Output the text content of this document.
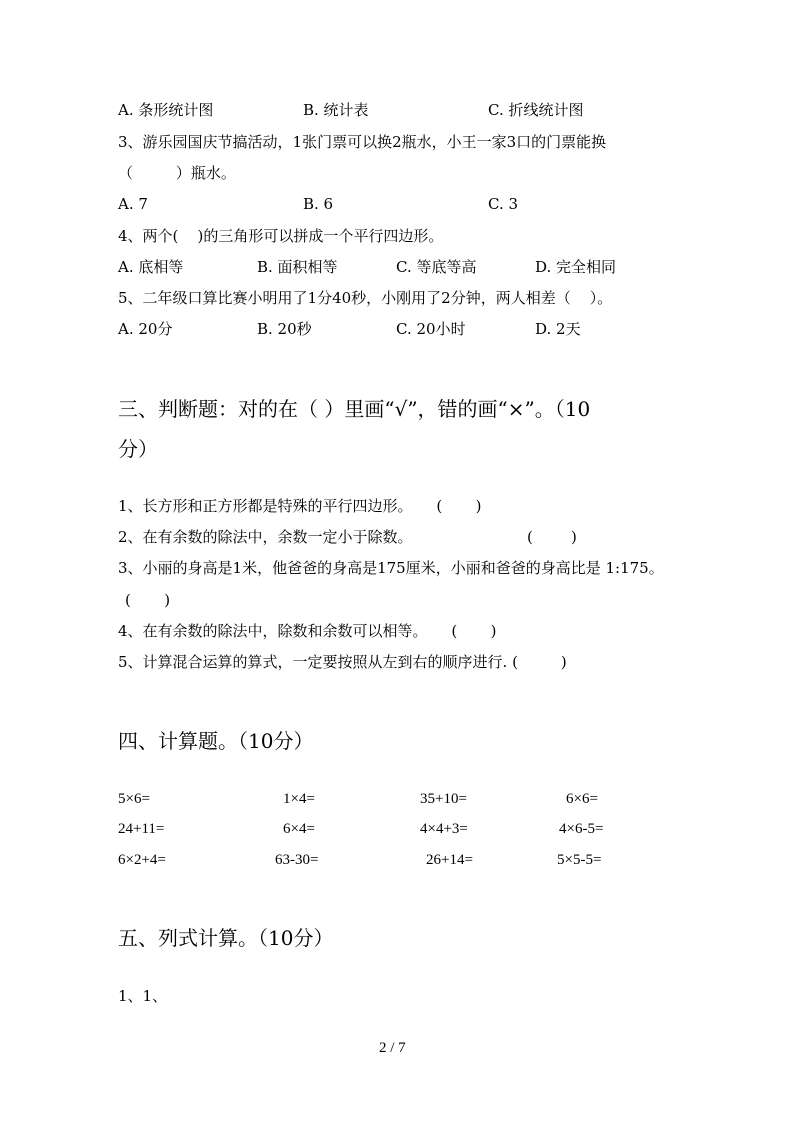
A. 条形统计图	B. 统计表	C. 折线统计图
3、游乐园国庆节搞活动，1张门票可以换2瓶水，小王一家3口的门票能换
（         ）瓶水。
A. 7	B. 6	C. 3
4、两个(    )的三角形可以拼成一个平行四边形。
A. 底相等	B. 面积相等	C. 等底等高	D. 完全相同
5、二年级口算比赛小明用了1分40秒，小刚用了2分钟，两人相差（    ）。
A. 20分	B. 20秒	C. 20小时	D. 2天
三、判断题：对的在（ ）里画“√”，错的画“×”。（10
分）
1、长方形和正方形都是特殊的平行四边形。     (       )
2、在有余数的除法中，余数一定小于除数。                        (        )
3、小丽的身高是1米，他爸爸的身高是175厘米，小丽和爸爸的身高比是 1:175。
(       )
4、在有余数的除法中，除数和余数可以相等。     (       )
5、计算混合运算的算式，一定要按照从左到右的顺序进行. (         )
四、计算题。（10分）
5×6=	1×4=	35+10=	6×6=
24+11=	6×4=	4×4+3=	4×6-5=
6×2+4=	63-30=	26+14=	5×5-5=
五、列式计算。（10分）
1、1、
2 / 7
